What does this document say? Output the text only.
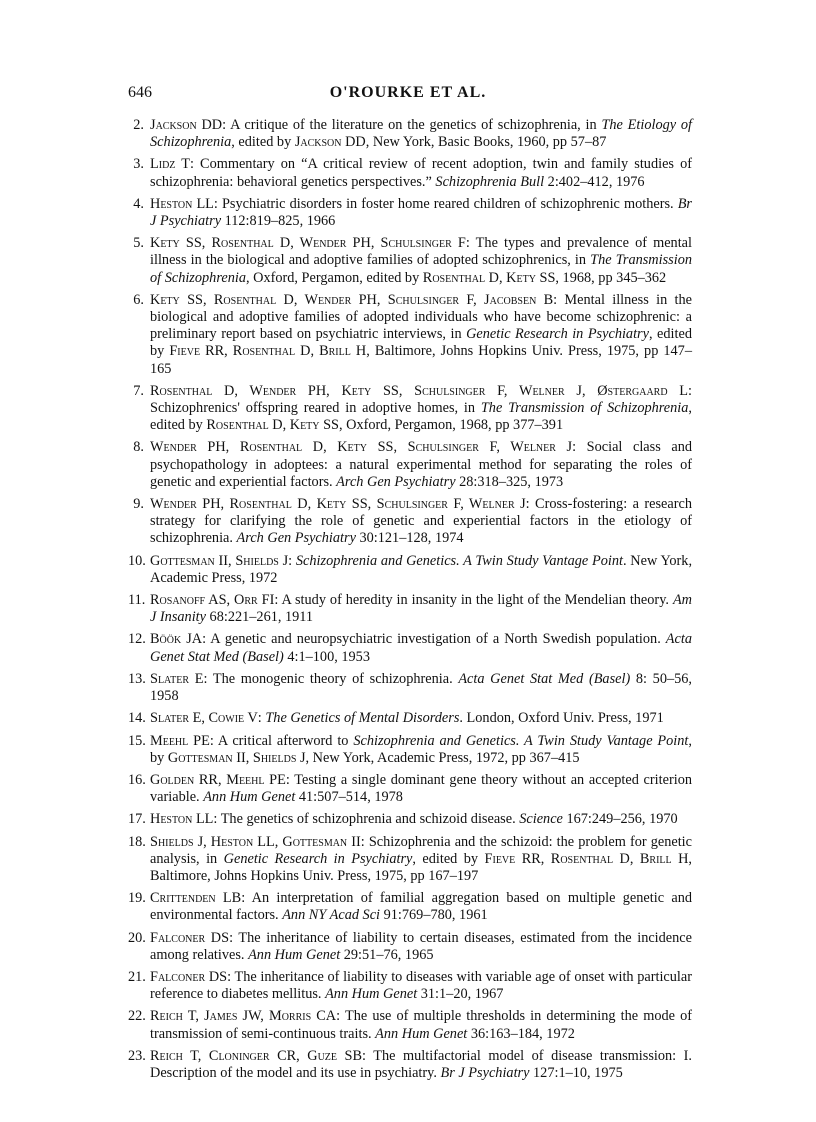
646	O'ROURKE ET AL.
2. Jackson DD: A critique of the literature on the genetics of schizophrenia, in The Etiology of Schizophrenia, edited by Jackson DD, New York, Basic Books, 1960, pp 57–87
3. Lidz T: Commentary on “A critical review of recent adoption, twin and family studies of schizophrenia: behavioral genetics perspectives.” Schizophrenia Bull 2:402–412, 1976
4. Heston LL: Psychiatric disorders in foster home reared children of schizophrenic mothers. Br J Psychiatry 112:819–825, 1966
5. Kety SS, Rosenthal D, Wender PH, Schulsinger F: The types and prevalence of mental illness in the biological and adoptive families of adopted schizophrenics, in The Transmission of Schizophrenia, Oxford, Pergamon, edited by Rosenthal D, Kety SS, 1968, pp 345–362
6. Kety SS, Rosenthal D, Wender PH, Schulsinger F, Jacobsen B: Mental illness in the biological and adoptive families of adopted individuals who have become schizophrenic: a preliminary report based on psychiatric interviews, in Genetic Research in Psychiatry, edited by Fieve RR, Rosenthal D, Brill H, Baltimore, Johns Hopkins Univ. Press, 1975, pp 147–165
7. Rosenthal D, Wender PH, Kety SS, Schulsinger F, Welner J, Østergaard L: Schizophrenics' offspring reared in adoptive homes, in The Transmission of Schizophrenia, edited by Rosenthal D, Kety SS, Oxford, Pergamon, 1968, pp 377–391
8. Wender PH, Rosenthal D, Kety SS, Schulsinger F, Welner J: Social class and psychopathology in adoptees: a natural experimental method for separating the roles of genetic and experiential factors. Arch Gen Psychiatry 28:318–325, 1973
9. Wender PH, Rosenthal D, Kety SS, Schulsinger F, Welner J: Cross-fostering: a research strategy for clarifying the role of genetic and experiential factors in the etiology of schizophrenia. Arch Gen Psychiatry 30:121–128, 1974
10. Gottesman II, Shields J: Schizophrenia and Genetics. A Twin Study Vantage Point. New York, Academic Press, 1972
11. Rosanoff AS, Orr FI: A study of heredity in insanity in the light of the Mendelian theory. Am J Insanity 68:221–261, 1911
12. Böök JA: A genetic and neuropsychiatric investigation of a North Swedish population. Acta Genet Stat Med (Basel) 4:1–100, 1953
13. Slater E: The monogenic theory of schizophrenia. Acta Genet Stat Med (Basel) 8: 50–56, 1958
14. Slater E, Cowie V: The Genetics of Mental Disorders. London, Oxford Univ. Press, 1971
15. Meehl PE: A critical afterword to Schizophrenia and Genetics. A Twin Study Vantage Point, by Gottesman II, Shields J, New York, Academic Press, 1972, pp 367–415
16. Golden RR, Meehl PE: Testing a single dominant gene theory without an accepted criterion variable. Ann Hum Genet 41:507–514, 1978
17. Heston LL: The genetics of schizophrenia and schizoid disease. Science 167:249–256, 1970
18. Shields J, Heston LL, Gottesman II: Schizophrenia and the schizoid: the problem for genetic analysis, in Genetic Research in Psychiatry, edited by Fieve RR, Rosenthal D, Brill H, Baltimore, Johns Hopkins Univ. Press, 1975, pp 167–197
19. Crittenden LB: An interpretation of familial aggregation based on multiple genetic and environmental factors. Ann NY Acad Sci 91:769–780, 1961
20. Falconer DS: The inheritance of liability to certain diseases, estimated from the incidence among relatives. Ann Hum Genet 29:51–76, 1965
21. Falconer DS: The inheritance of liability to diseases with variable age of onset with particular reference to diabetes mellitus. Ann Hum Genet 31:1–20, 1967
22. Reich T, James JW, Morris CA: The use of multiple thresholds in determining the mode of transmission of semi-continuous traits. Ann Hum Genet 36:163–184, 1972
23. Reich T, Cloninger CR, Guze SB: The multifactorial model of disease transmission: I. Description of the model and its use in psychiatry. Br J Psychiatry 127:1–10, 1975
